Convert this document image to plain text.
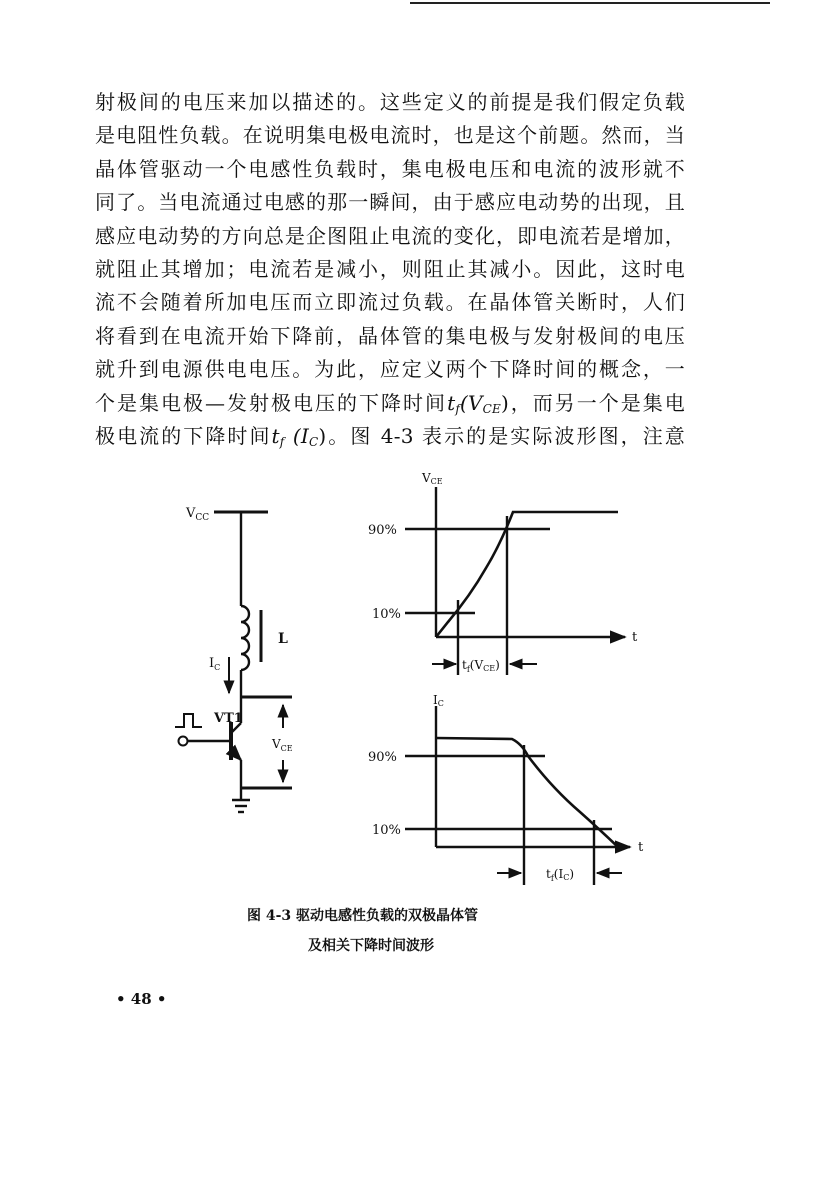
射极间的电压来加以描述的。这些定义的前提是我们假定负载
是电阻性负载。在说明集电极电流时，也是这个前题。然而，当
晶体管驱动一个电感性负载时，集电极电压和电流的波形就不
同了。当电流通过电感的那一瞬间，由于感应电动势的出现，且
感应电动势的方向总是企图阻止电流的变化，即电流若是增加，
就阻止其增加；电流若是减小，则阻止其减小。因此，这时电
流不会随着所加电压而立即流过负载。在晶体管关断时，人们
将看到在电流开始下降前，晶体管的集电极与发射极间的电压
就升到电源供电电压。为此，应定义两个下降时间的概念，一
个是集电极—发射极电压的下降时间$t_f(V_{CE})$，而另一个是集电
极电流的下降时间$t_f$ $(I_C)$。图 4-3 表示的是实际波形图，注意
$V_{CC}$
L
$I_C$
VT1
$V_{CE}$
VCE
90%
10%
t
$t_f(VCE)$
IC
90%
10%
t
$t_f(IC)$
图 4-3 驱动电感性负载的双极晶体管
及相关下降时间波形
• 48 •
